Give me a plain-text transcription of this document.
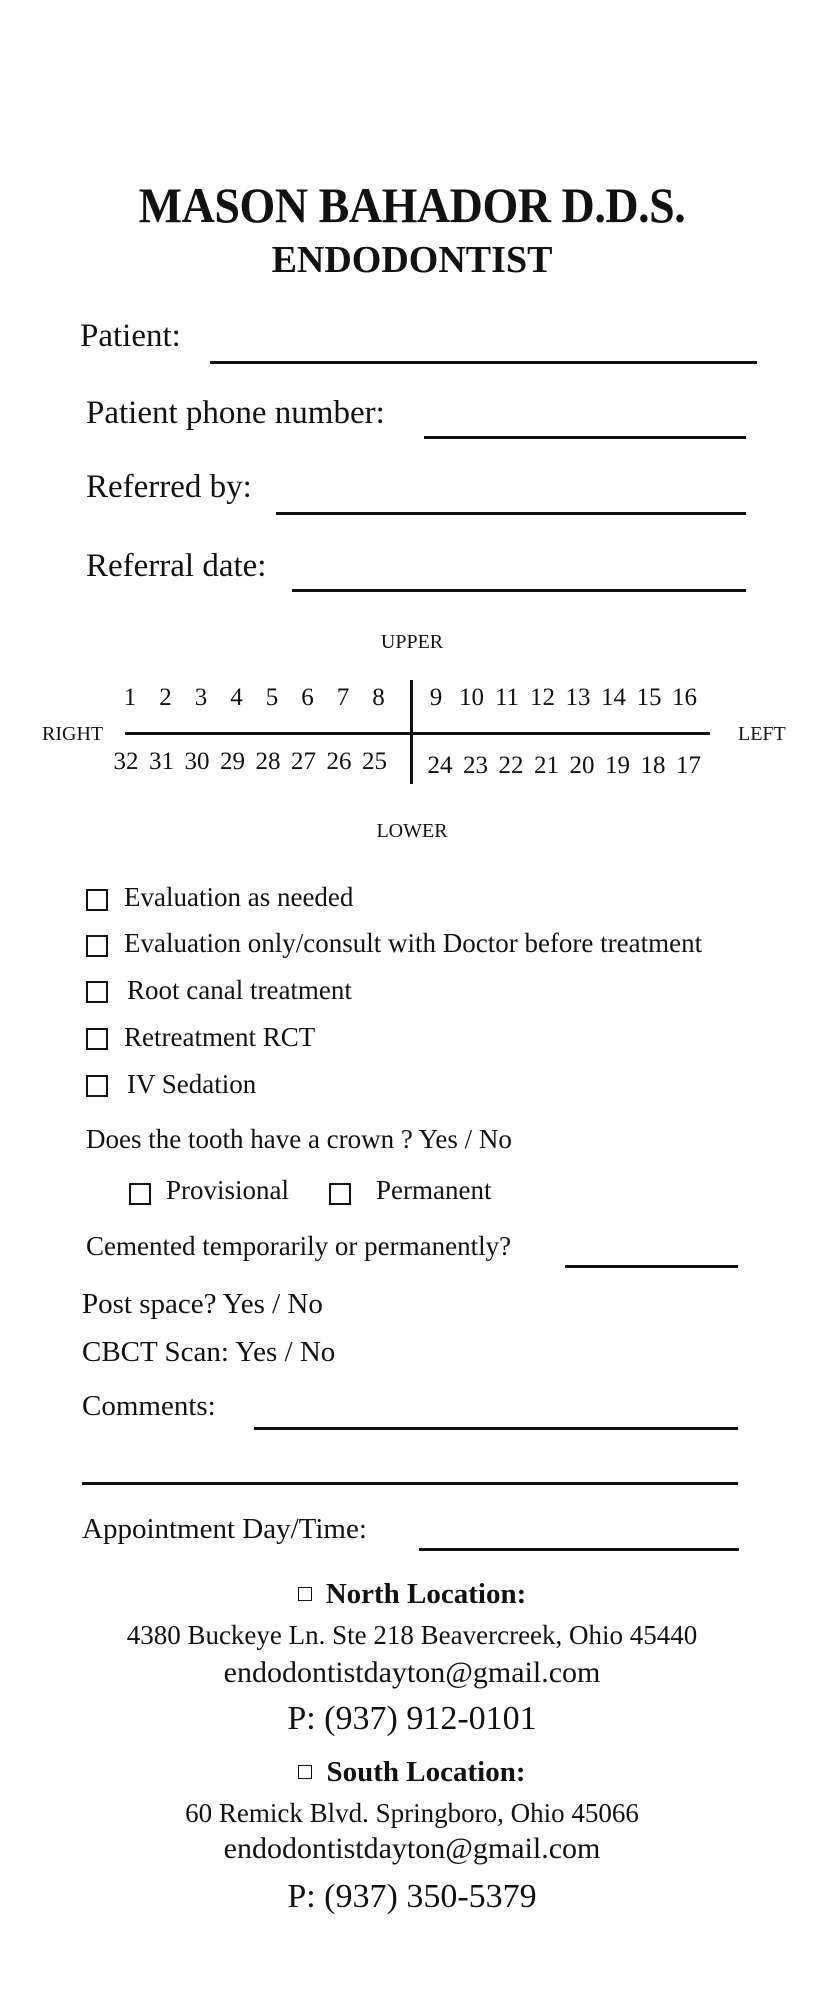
MASON BAHADOR D.D.S.
ENDODONTIST
Patient:
Patient phone number:
Referred by:
Referral date:
UPPER
RIGHT	LEFT
1 2 3 4 5 6 7 8	9 10 11 12 13 14 15 16
32 31 30 29 28 27 26 25 24 23 22 21 20 19 18 17
LOWER
Evaluation as needed
Evaluation only/consult with Doctor before treatment
Root canal treatment
Retreatment RCT
IV Sedation
Does the tooth have a crown ? Yes / No
Provisional	Permanent
Cemented temporarily or permanently?
Post space? Yes / No
CBCT Scan: Yes / No
Comments:
Appointment Day/Time:
North Location:
4380 Buckeye Ln. Ste 218 Beavercreek, Ohio 45440
endodontistdayton@gmail.com
P: (937) 912-0101
South Location:
60 Remick Blvd. Springboro, Ohio 45066
endodontistdayton@gmail.com
P: (937) 350-5379
